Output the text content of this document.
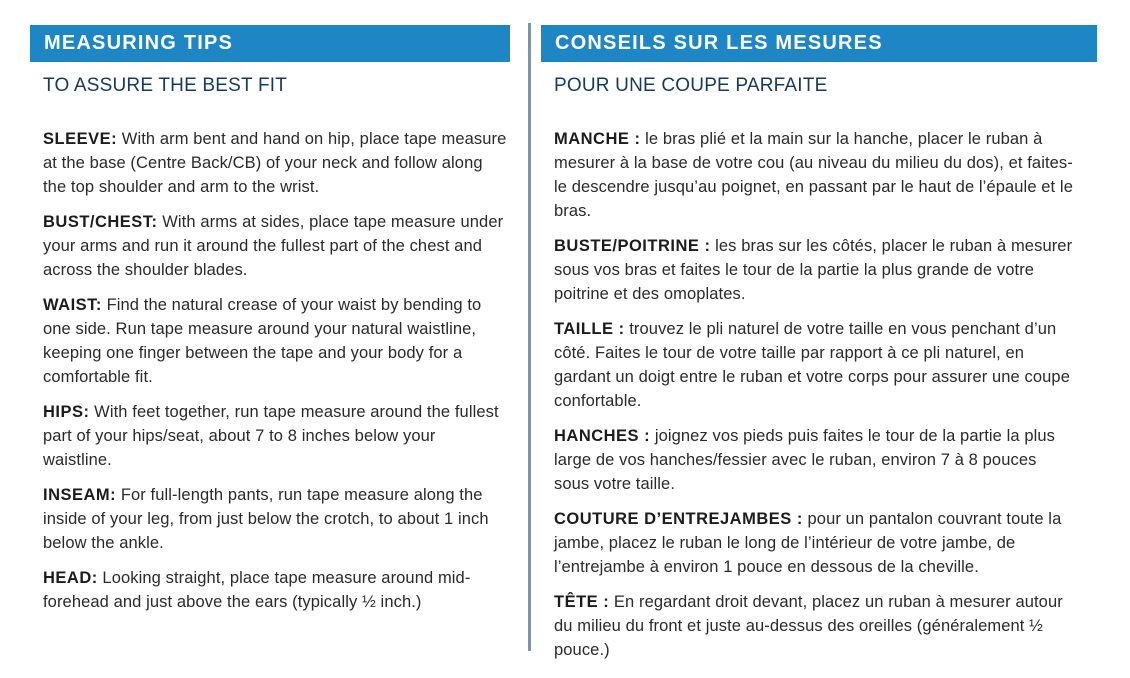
MEASURING TIPS
TO ASSURE THE BEST FIT

SLEEVE: With arm bent and hand on hip, place tape measure at the base (Centre Back/CB) of your neck and follow along the top shoulder and arm to the wrist.

BUST/CHEST: With arms at sides, place tape measure under your arms and run it around the fullest part of the chest and across the shoulder blades.

WAIST: Find the natural crease of your waist by bending to one side. Run tape measure around your natural waistline, keeping one finger between the tape and your body for a comfortable fit.

HIPS: With feet together, run tape measure around the fullest part of your hips/seat, about 7 to 8 inches below your waistline.

INSEAM: For full-length pants, run tape measure along the inside of your leg, from just below the crotch, to about 1 inch below the ankle.

HEAD: Looking straight, place tape measure around mid-forehead and just above the ears (typically ½ inch.)

CONSEILS SUR LES MESURES
POUR UNE COUPE PARFAITE

MANCHE : le bras plié et la main sur la hanche, placer le ruban à mesurer à la base de votre cou (au niveau du milieu du dos), et faites-le descendre jusqu’au poignet, en passant par le haut de l’épaule et le bras.

BUSTE/POITRINE : les bras sur les côtés, placer le ruban à mesurer sous vos bras et faites le tour de la partie la plus grande de votre poitrine et des omoplates.

TAILLE : trouvez le pli naturel de votre taille en vous penchant d’un côté. Faites le tour de votre taille par rapport à ce pli naturel, en gardant un doigt entre le ruban et votre corps pour assurer une coupe confortable.

HANCHES : joignez vos pieds puis faites le tour de la partie la plus large de vos hanches/fessier avec le ruban, environ 7 à 8 pouces sous votre taille.

COUTURE D’ENTREJAMBES : pour un pantalon couvrant toute la jambe, placez le ruban le long de l’intérieur de votre jambe, de l’entrejambe à environ 1 pouce en dessous de la cheville.

TÊTE : En regardant droit devant, placez un ruban à mesurer autour du milieu du front et juste au-dessus des oreilles (généralement ½ pouce.)
